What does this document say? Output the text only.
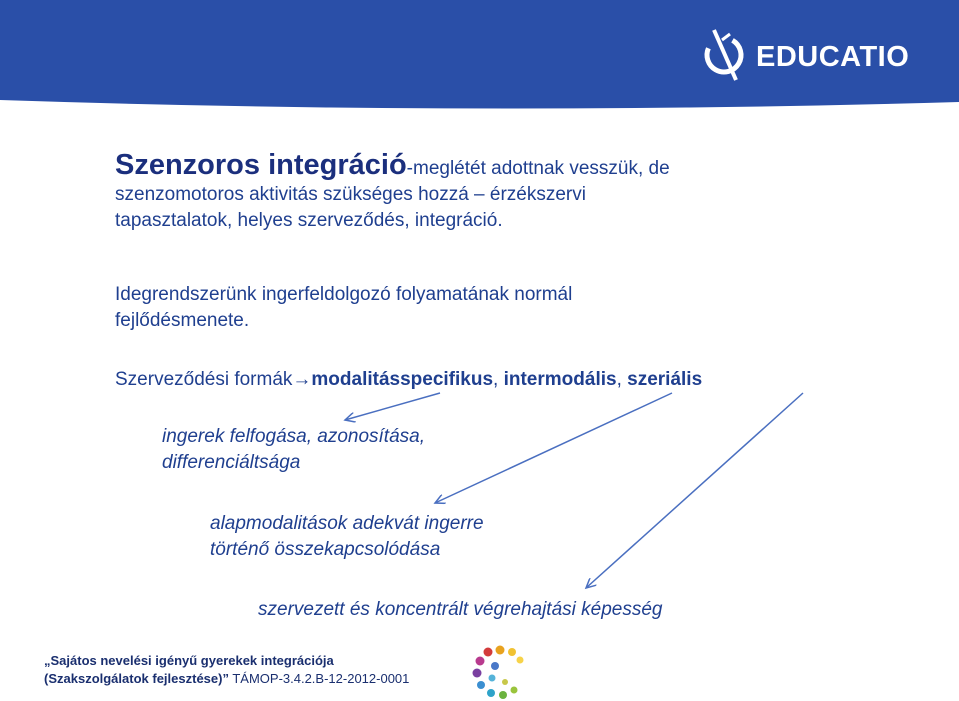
EDUCATIO
Szenzoros integráció-meglétét adottnak vesszük, de
szenzomotoros aktivitás szükséges hozzá – érzékszervi
tapasztalatok, helyes szerveződés, integráció.
Idegrendszerünk ingerfeldolgozó folyamatának normál
fejlődésmenete.
Szerveződési formák→modalitásspecifikus, intermodális, szeriális
ingerek felfogása, azonosítása,
differenciáltsága
alapmodalitások adekvát ingerre
történő összekapcsolódása
szervezett és koncentrált végrehajtási képesség
„Sajátos nevelési igényű gyerekek integrációja
(Szakszolgálatok fejlesztése)” TÁMOP-3.4.2.B-12-2012-0001
